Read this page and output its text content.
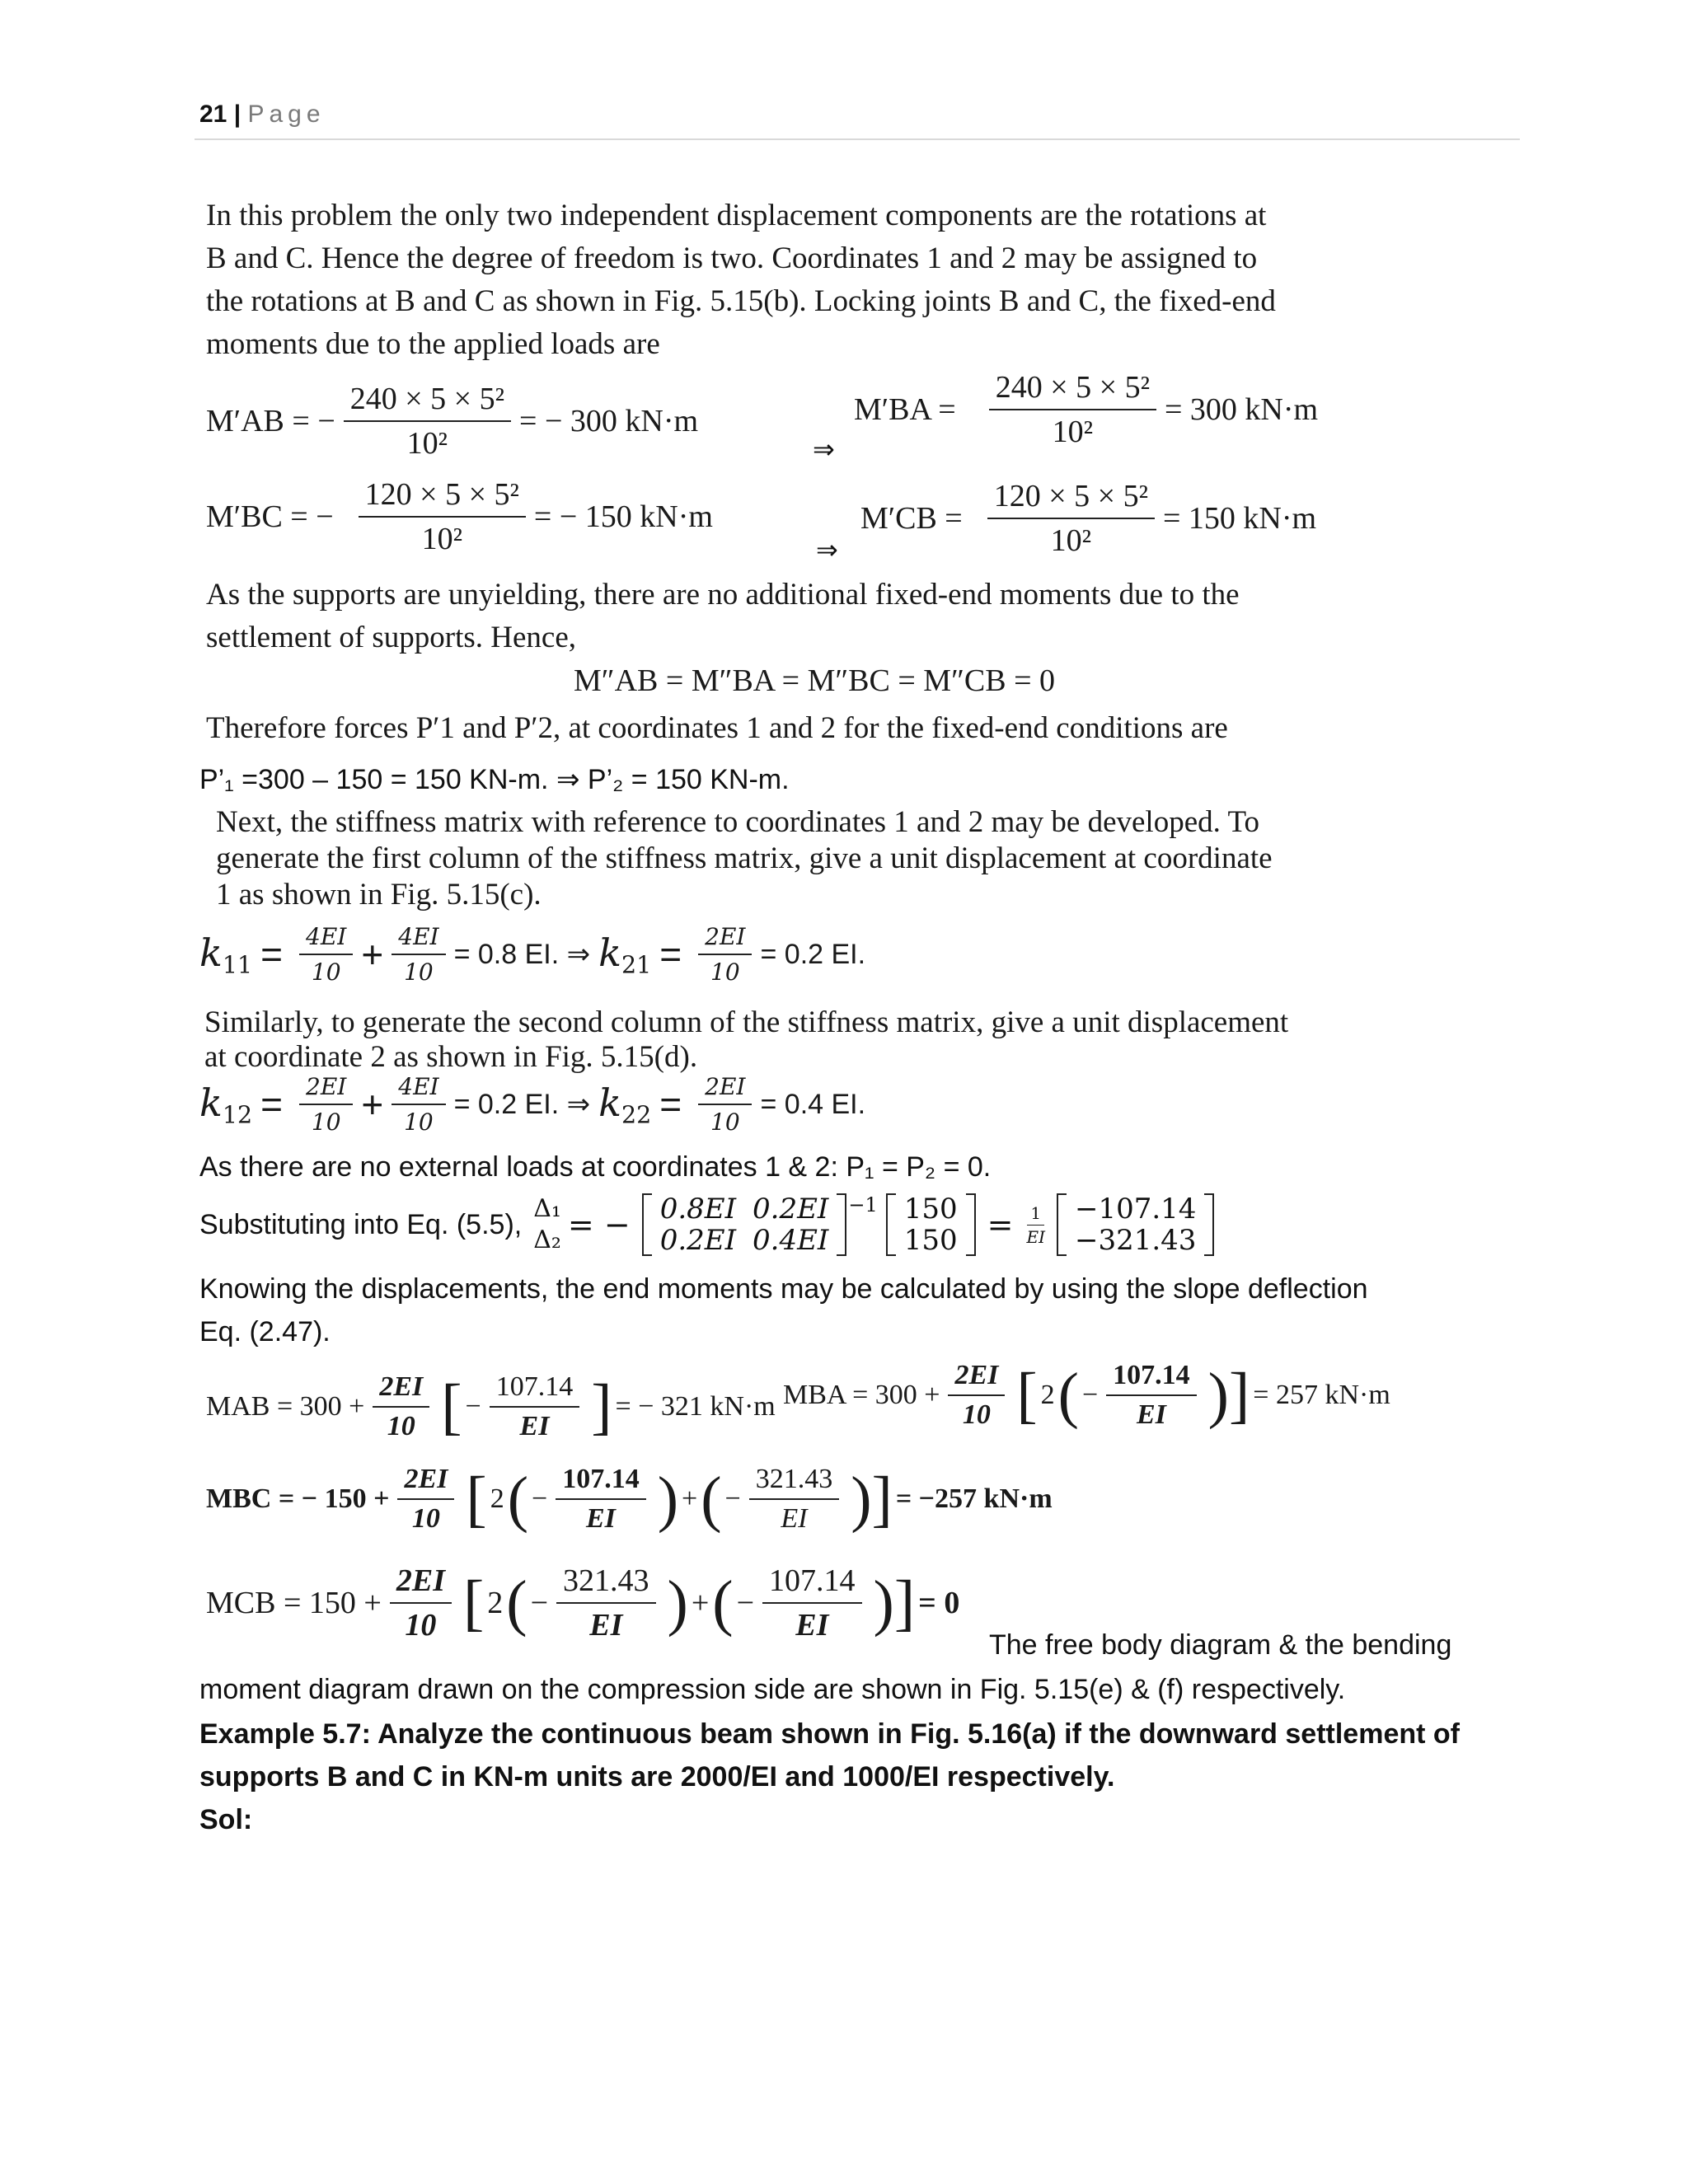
21 | Page
In this problem the only two independent displacement components are the rotations at
B and C. Hence the degree of freedom is two. Coordinates 1 and 2 may be assigned to
the rotations at B and C as shown in Fig. 5.15(b). Locking joints B and C, the fixed-end
moments due to the applied loads are
M′AB = − $\frac{\text{240 × 5 × 5²}}{\text{10²}}$ = − 300 kN·m
⇒
$M'BA = \frac{\text{240 × 5 × 5²}}{\text{10²}} = 300$ kN·m
M′BC = − $\frac{\text{120 × 5 × 5²}}{\text{10²}}$ = − 150 kN·m
⇒
$M'CB = \frac{\text{120 × 5 × 5²}}{\text{10²}} = 150$ kN·m
As the supports are unyielding, there are no additional fixed-end moments due to the
settlement of supports. Hence,
M″AB = M″BA = M″BC = M″CB = 0
Therefore forces P′1 and P′2, at coordinates 1 and 2 for the fixed-end conditions are
P’₁ =300 – 150 = 150 KN-m. ⇒ P’₂ = 150 KN-m.
Next, the stiffness matrix with reference to coordinates 1 and 2 may be developed. To
generate the first column of the stiffness matrix, give a unit displacement at coordinate
1 as shown in Fig. 5.15(c).
$k_{11} = \frac{4EI}{10} + \frac{4EI}{10} = 0.8$ EI. ⇒ $k_{21} = \frac{2EI}{10} = 0.2$ EI.
Similarly, to generate the second column of the stiffness matrix, give a unit displacement
at coordinate 2 as shown in Fig. 5.15(d).
$k_{12} = \frac{2EI}{10} + \frac{4EI}{10} = 0.2$ EI. ⇒ $k_{22} = \frac{2EI}{10} = 0.4$ EI.
As there are no external loads at coordinates 1 & 2: P₁ = P₂ = 0.
Substituting into Eq. (5.5), Δ₁
Δ₂ = − 0.8EI	0.2EI
0.2EI	0.4EI
−1 150
$150 = \frac{1}{EI} -107.14$
−321.43
Knowing the displacements, the end moments may be calculated by using the slope deflection
Eq. (2.47).
MAB = $300 + \frac{2EI}{10}$ [ − $\frac{107.14}{EI}$ ] = − 321 kN·m MBA = $300 + \frac{2EI}{10}$ [ 2 ( − $\frac{107.14}{EI}$ )] = 257 kN·m
MBC = − $150 + \frac{2EI}{10}$ [ 2 ( − $\frac{107.14}{EI}$ ) + ( − $\frac{321.43}{EI}$ )] = −257 kN·m
MCB = $150 + \frac{2EI}{10}$ [ 2 ( − $\frac{321.43}{EI}$ ) + ( − $\frac{107.14}{EI}$ )] = 0
The free body diagram & the bending
moment diagram drawn on the compression side are shown in Fig. 5.15(e) & (f) respectively.
Example 5.7: Analyze the continuous beam shown in Fig. 5.16(a) if the downward settlement of
supports B and C in KN-m units are 2000/EI and 1000/EI respectively.
Sol:
